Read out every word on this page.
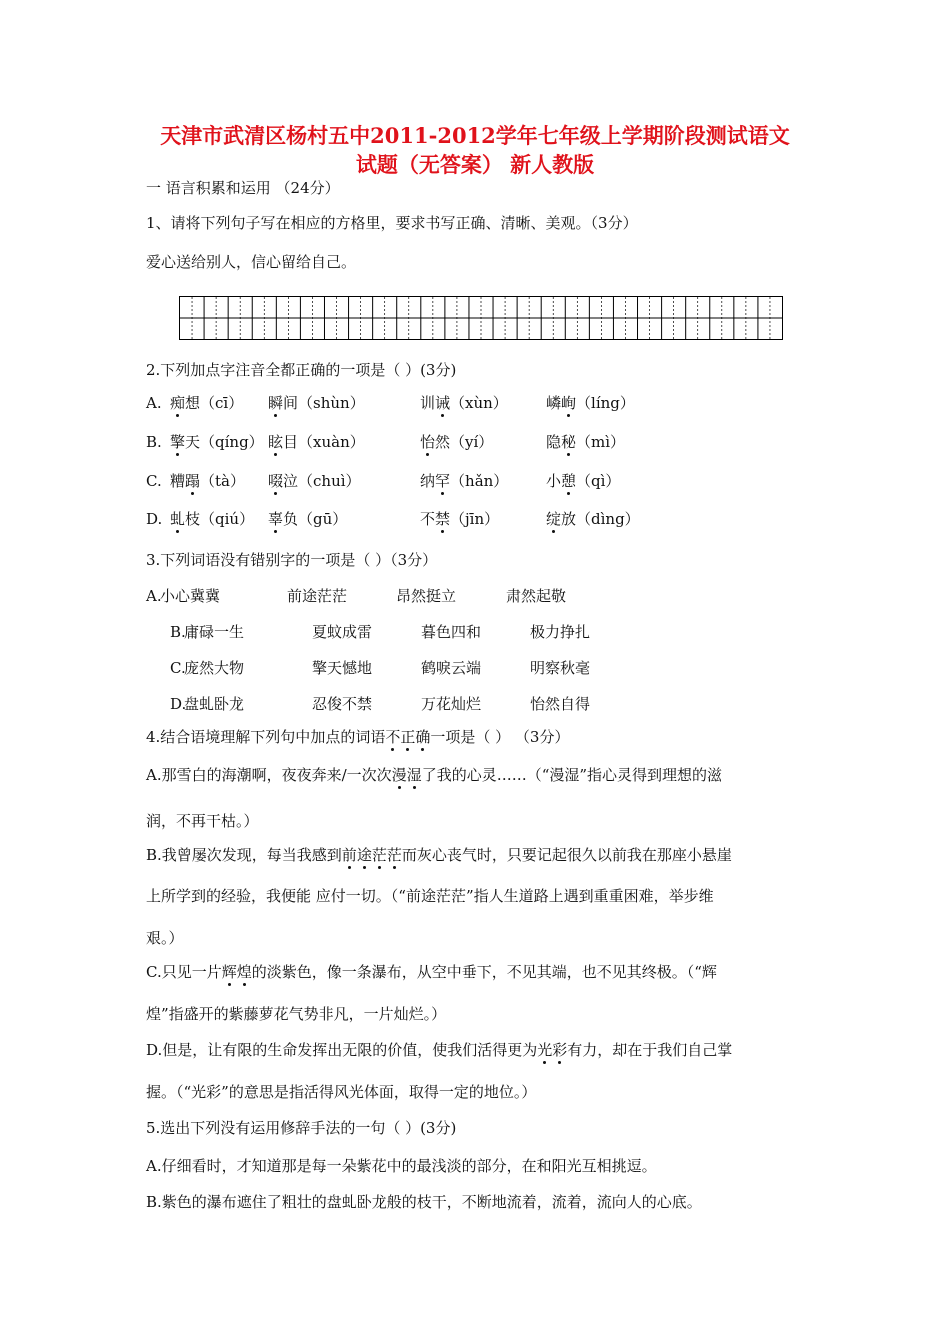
天津市武清区杨村五中2011-2012学年七年级上学期阶段测试语文
试题（无答案） 新人教版

一 语言积累和运用 （24分）

1、请将下列句子写在相应的方格里，要求书写正确、清晰、美观。（3分）

爱心送给别人，信心留给自己。

2.下列加点字注音全都正确的一项是（ ）(3分)

A. 痴想（cī） 瞬间（shùn）	训诫（xùn）	嶙峋（líng）
B. 擎天（qíng） 眩目（xuàn）	怡然（yí）	隐秘（mì）
C. 糟蹋（tà） 啜泣（chuì）	纳罕（hǎn）	小憩（qì）
D. 虬枝（qiú） 辜负（gū）	不禁（jīn）	绽放（dìng）

3.下列词语没有错别字的一项是（ ）（3分）

A.
小心冀冀	前途茫茫	昂然挺立	肃然起敬
B.
庸碌一生	夏蚊成雷	暮色四和	极力挣扎
C.
庞然大物	擎天憾地	鹤唳云端	明察秋毫
D.
盘虬卧龙	忍俊不禁	万花灿烂	怡然自得

4.结合语境理解下列句中加点的词语不正确一项是（ ） （3分）

A.那雪白的海潮啊，夜夜奔来/一次次漫湿了我的心灵……（“漫湿”指心灵得到理想的滋

润，不再干枯。）

B.我曾屡次发现，每当我感到前途茫茫而灰心丧气时，只要记起很久以前我在那座小悬崖

上所学到的经验，我便能 应付一切。（“前途茫茫”指人生道路上遇到重重困难，举步维

艰。）

C.只见一片辉煌的淡紫色，像一条瀑布，从空中垂下，不见其端，也不见其终极。（“辉

煌”指盛开的紫藤萝花气势非凡，一片灿烂。）

D.但是，让有限的生命发挥出无限的价值，使我们活得更为光彩有力，却在于我们自己掌

握。（“光彩”的意思是指活得风光体面，取得一定的地位。）

5.选出下列没有运用修辞手法的一句（ ）(3分)

A.仔细看时，才知道那是每一朵紫花中的最浅淡的部分，在和阳光互相挑逗。

B.紫色的瀑布遮住了粗壮的盘虬卧龙般的枝干，不断地流着，流着，流向人的心底。
